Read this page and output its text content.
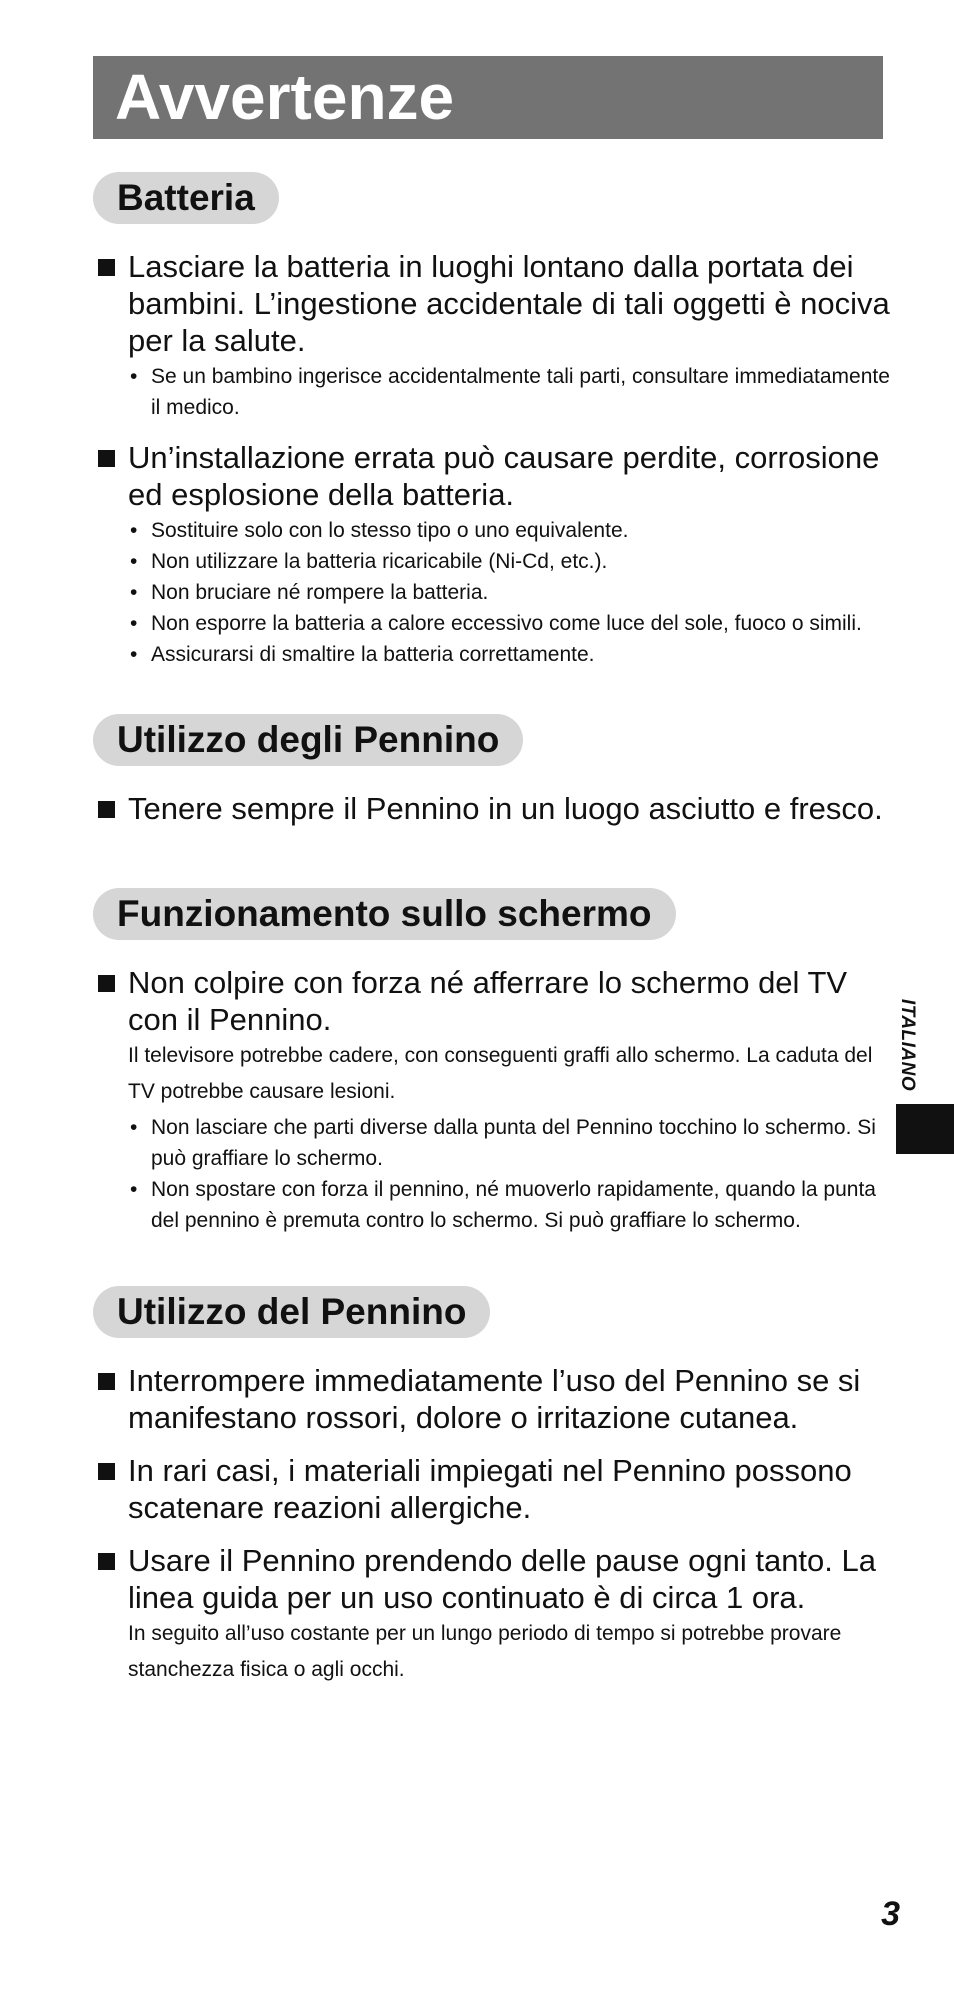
Avvertenze
Batteria

Lasciare la batteria in luoghi lontano dalla portata dei bambini. L’ingestione accidentale di tali oggetti è nociva per la salute.

• Se un bambino ingerisce accidentalmente tali parti, consultare immediatamente il medico.

Un’installazione errata può causare perdite, corrosione ed esplosione della batteria.

• Sostituire solo con lo stesso tipo o uno equivalente.
• Non utilizzare la batteria ricaricabile (Ni-Cd, etc.).
• Non bruciare né rompere la batteria.
• Non esporre la batteria a calore eccessivo come luce del sole, fuoco o simili.
• Assicurarsi di smaltire la batteria correttamente.
Utilizzo degli Pennino

Tenere sempre il Pennino in un luogo asciutto e fresco.

Funzionamento sullo schermo

Non colpire con forza né afferrare lo schermo del TV con il Pennino.

Il televisore potrebbe cadere, con conseguenti graffi allo schermo. La caduta del TV potrebbe causare lesioni.

• Non lasciare che parti diverse dalla punta del Pennino tocchino lo schermo. Si può graffiare lo schermo.
• Non spostare con forza il pennino, né muoverlo rapidamente, quando la punta del pennino è premuta contro lo schermo. Si può graffiare lo schermo.
Utilizzo del Pennino

Interrompere immediatamente l’uso del Pennino se si manifestano rossori, dolore o irritazione cutanea.

In rari casi, i materiali impiegati nel Pennino possono scatenare reazioni allergiche.

Usare il Pennino prendendo delle pause ogni tanto. La linea guida per un uso continuato è di circa 1 ora.

In seguito all’uso costante per un lungo periodo di tempo si potrebbe provare stanchezza fisica o agli occhi.

ITALIANO
3
